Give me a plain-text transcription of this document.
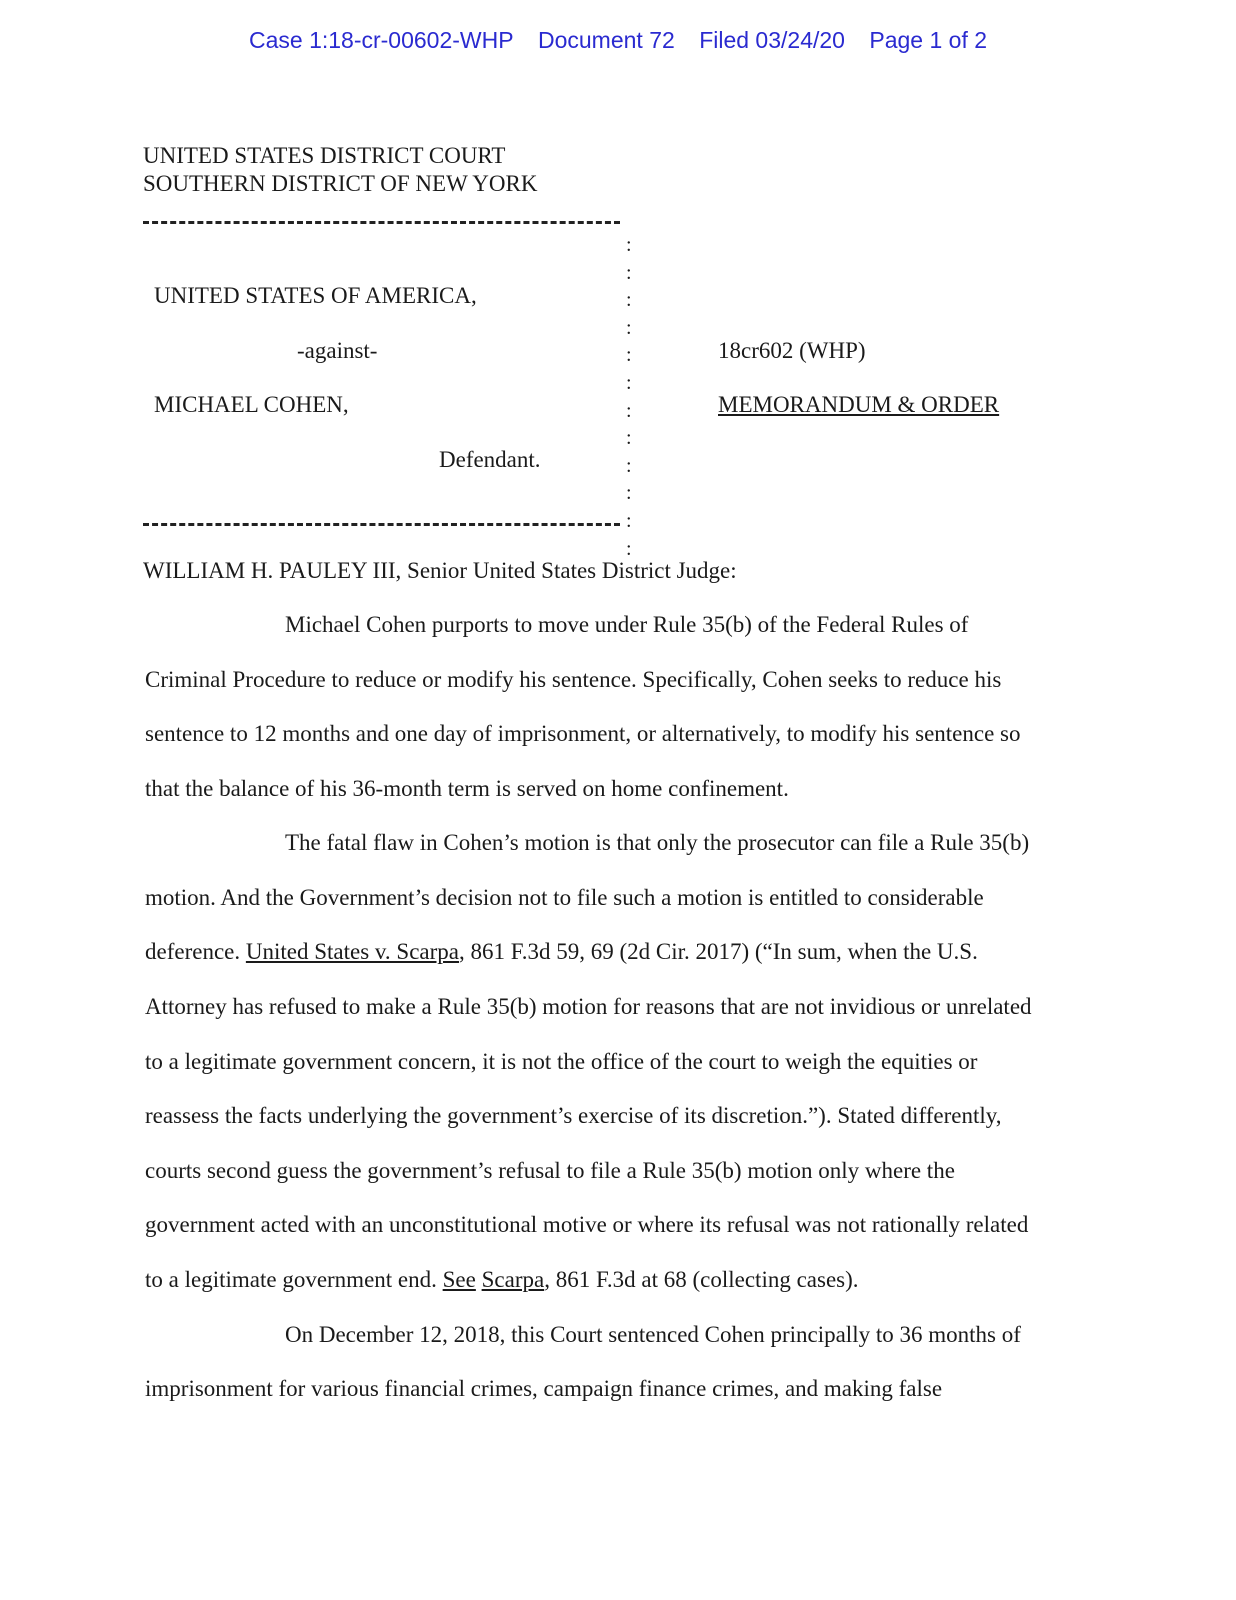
Case 1:18-cr-00602-WHP Document 72 Filed 03/24/20 Page 1 of 2
UNITED STATES DISTRICT COURT
SOUTHERN DISTRICT OF NEW YORK
:
:
:
:
:
:
:
:
:
:
:
:
UNITED STATES OF AMERICA,
-against-
MICHAEL COHEN,
Defendant.
18cr602 (WHP)
MEMORANDUM & ORDER
WILLIAM H. PAULEY III, Senior United States District Judge:

Michael Cohen purports to move under Rule 35(b) of the Federal Rules of

Criminal Procedure to reduce or modify his sentence. Specifically, Cohen seeks to reduce his

sentence to 12 months and one day of imprisonment, or alternatively, to modify his sentence so

that the balance of his 36-month term is served on home confinement.

The fatal flaw in Cohen’s motion is that only the prosecutor can file a Rule 35(b)

motion. And the Government’s decision not to file such a motion is entitled to considerable

deference. United States v. Scarpa, 861 F.3d 59, 69 (2d Cir. 2017) (“In sum, when the U.S.

Attorney has refused to make a Rule 35(b) motion for reasons that are not invidious or unrelated

to a legitimate government concern, it is not the office of the court to weigh the equities or

reassess the facts underlying the government’s exercise of its discretion.”). Stated differently,

courts second guess the government’s refusal to file a Rule 35(b) motion only where the

government acted with an unconstitutional motive or where its refusal was not rationally related

to a legitimate government end. See Scarpa, 861 F.3d at 68 (collecting cases).

On December 12, 2018, this Court sentenced Cohen principally to 36 months of

imprisonment for various financial crimes, campaign finance crimes, and making false
